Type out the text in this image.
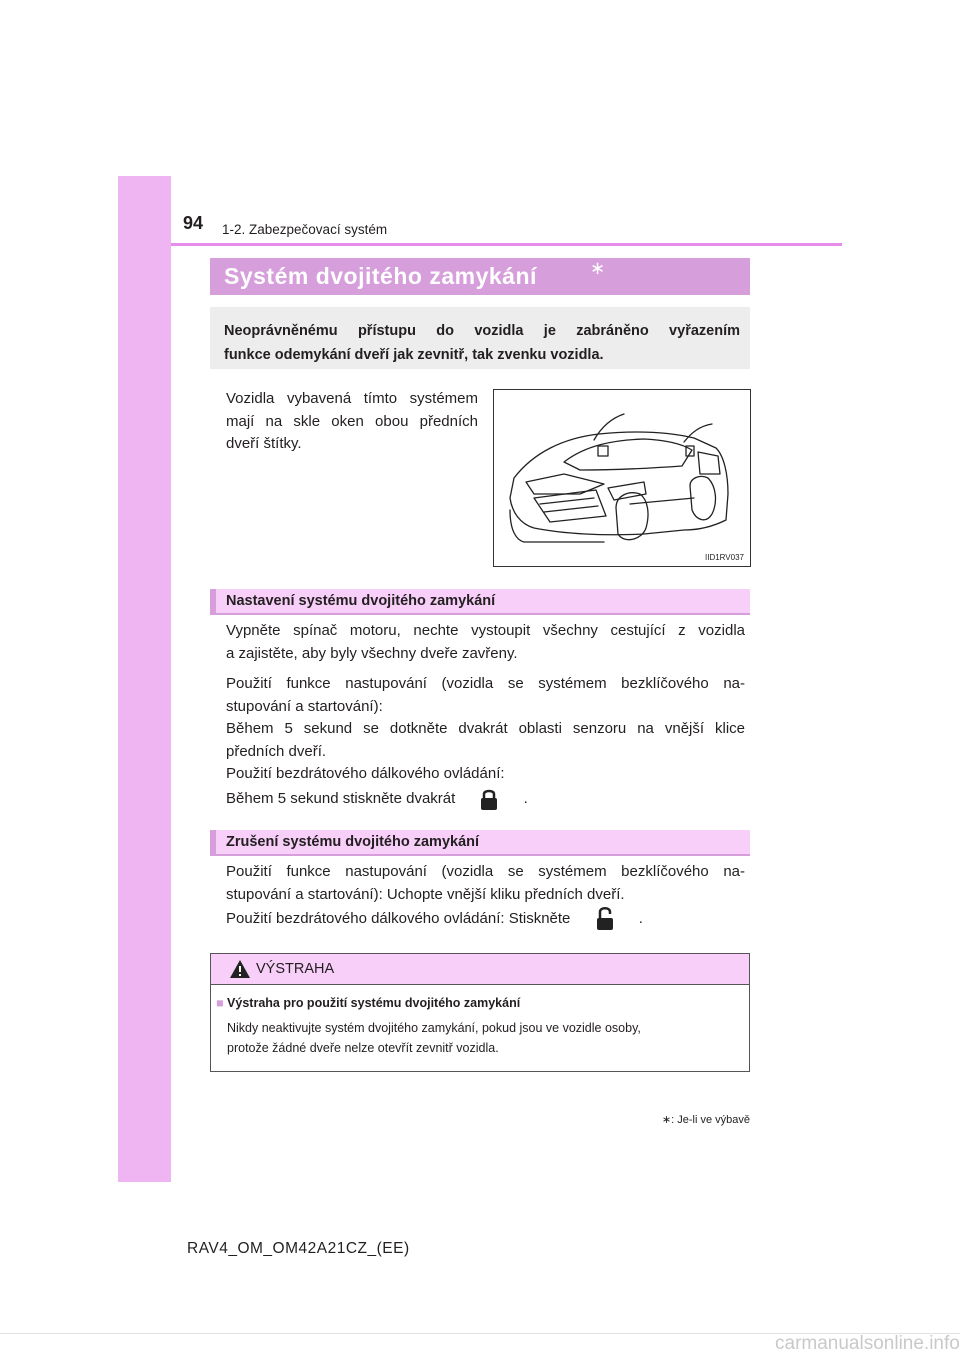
94 1-2. Zabezpečovací systém
Systém dvojitého zamykání	∗
Neoprávněnému přístupu do vozidla je zabráněno vyřazením
funkce odemykání dveří jak zevnitř, tak zvenku vozidla.
Vozidla vybavená tímto systémem
mají na skle oken obou předních
dveří štítky.
IID1RV037
Nastavení systému dvojitého zamykání
Vypněte spínač motoru, nechte vystoupit všechny cestující z vozidla
a zajistěte, aby byly všechny dveře zavřeny.
Použití funkce nastupování (vozidla se systémem bezklíčového na-
stupování a startování):
Během 5 sekund se dotkněte dvakrát oblasti senzoru na vnější klice
předních dveří.
Použití bezdrátového dálkového ovládání:
Během 5 sekund stiskněte dvakrát	.
Zrušení systému dvojitého zamykání
Použití funkce nastupování (vozidla se systémem bezklíčového na-
stupování a startování): Uchopte vnější kliku předních dveří.
Použití bezdrátového dálkového ovládání: Stiskněte	.
VÝSTRAHA
■ Výstraha pro použití systému dvojitého zamykání
Nikdy neaktivujte systém dvojitého zamykání, pokud jsou ve vozidle osoby,
protože žádné dveře nelze otevřít zevnitř vozidla.
∗: Je-li ve výbavě
RAV4_OM_OM42A21CZ_(EE)
carmanualsonline.info
